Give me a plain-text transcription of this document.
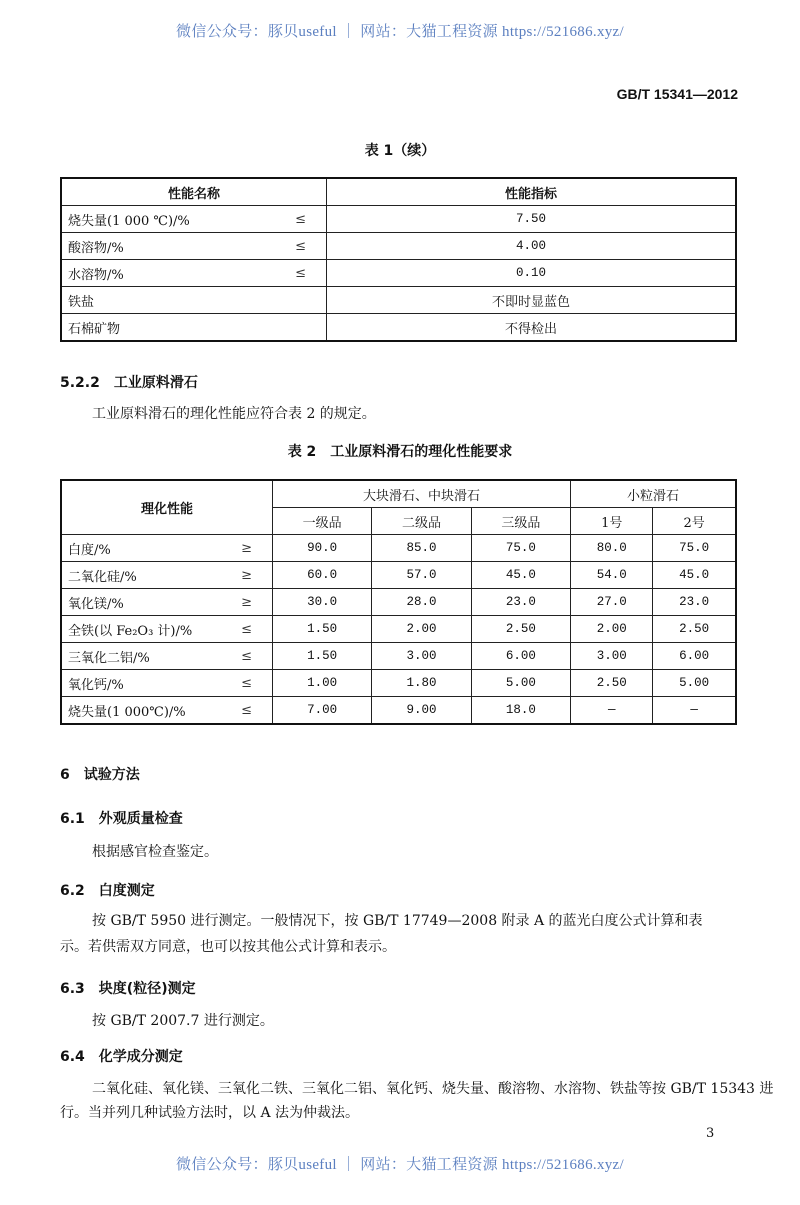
微信公众号：豚贝useful ｜ 网站：大猫工程资源 https://521686.xyz/
GB/T 15341—2012
表 1（续）
性能名称	性能指标

烧失量(1 000 ℃)/% ≤	7.50

酸溶物/% ≤	4.00

水溶物/% ≤	0.10
铁盐	不即时显蓝色
石棉矿物	不得检出
5.2.2　工业原料滑石
工业原料滑石的理化性能应符合表 2 的规定。
表 2　工业原料滑石的理化性能要求
理化性能	大块滑石、中块滑石			小粒滑石	
	一级品	二级品	三级品	1号	2号

白度/% ≥	90.0	85.0	75.0	80.0	75.0

二氧化硅/% ≥	60.0	57.0	45.0	54.0	45.0

氧化镁/% ≥	30.0	28.0	23.0	27.0	23.0

全铁(以 Fe₂O₃ 计)/% ≤	1.50	2.00	2.50	2.00	2.50

三氧化二铝/% ≤	1.50	3.00	6.00	3.00	6.00

氧化钙/% ≤	1.00	1.80	5.00	2.50	5.00

烧失量(1 000℃)/% ≤	7.00	9.00	18.0	—	—
6　试验方法
6.1　外观质量检查
根据感官检查鉴定。
6.2　白度测定
按 GB/T 5950 进行测定。一般情况下，按 GB/T 17749—2008 附录 A 的蓝光白度公式计算和表
示。若供需双方同意，也可以按其他公式计算和表示。
6.3　块度(粒径)测定
按 GB/T 2007.7 进行测定。
6.4　化学成分测定
二氧化硅、氧化镁、三氧化二铁、三氧化二铝、氧化钙、烧失量、酸溶物、水溶物、铁盐等按 GB/T 15343 进
行。当并列几种试验方法时，以 A 法为仲裁法。
3
微信公众号：豚贝useful ｜ 网站：大猫工程资源 https://521686.xyz/
